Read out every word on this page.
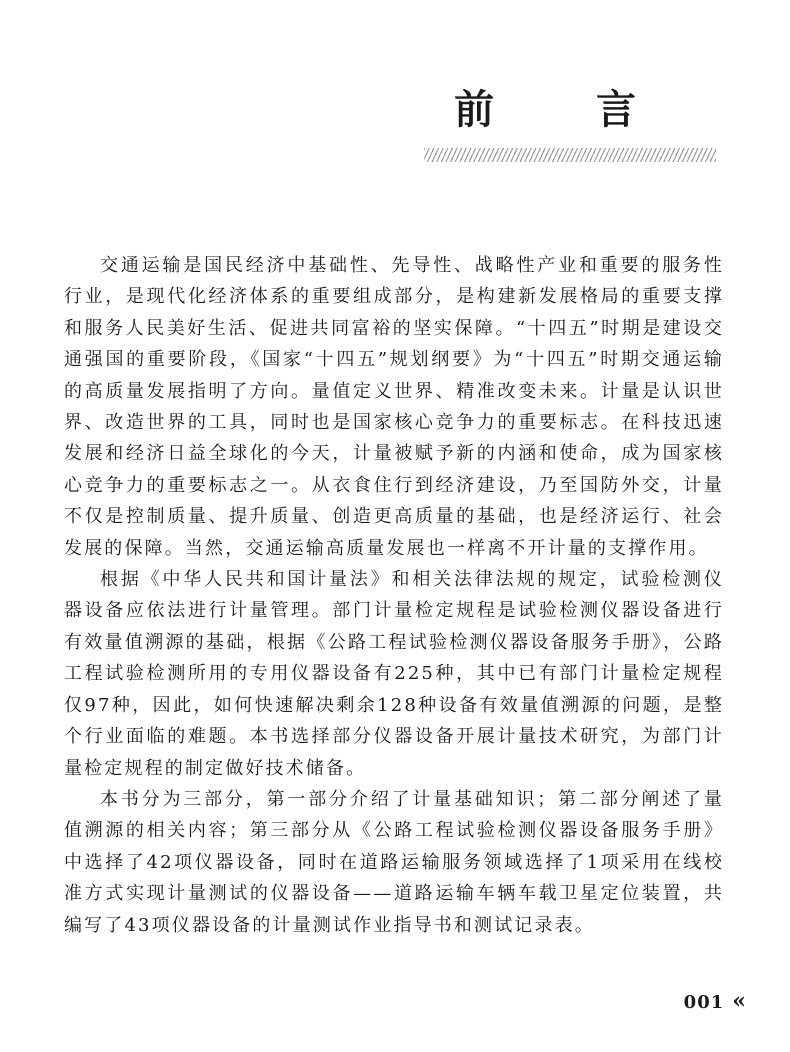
前 言

交通运输是国民经济中基础性、先导性、战略性产业和重要的服务性行业，是现代化经济体系的重要组成部分，是构建新发展格局的重要支撑和服务人民美好生活、促进共同富裕的坚实保障。“十四五”时期是建设交通强国的重要阶段，《国家“十四五”规划纲要》为“十四五”时期交通运输的高质量发展指明了方向。量值定义世界、精准改变未来。计量是认识世界、改造世界的工具，同时也是国家核心竞争力的重要标志。在科技迅速发展和经济日益全球化的今天，计量被赋予新的内涵和使命，成为国家核心竞争力的重要标志之一。从衣食住行到经济建设，乃至国防外交，计量不仅是控制质量、提升质量、创造更高质量的基础，也是经济运行、社会发展的保障。当然，交通运输高质量发展也一样离不开计量的支撑作用。

根据《中华人民共和国计量法》和相关法律法规的规定，试验检测仪器设备应依法进行计量管理。部门计量检定规程是试验检测仪器设备进行有效量值溯源的基础，根据《公路工程试验检测仪器设备服务手册》，公路工程试验检测所用的专用仪器设备有225种，其中已有部门计量检定规程仅97种，因此，如何快速解决剩余128种设备有效量值溯源的问题，是整个行业面临的难题。本书选择部分仪器设备开展计量技术研究，为部门计量检定规程的制定做好技术储备。

本书分为三部分，第一部分介绍了计量基础知识；第二部分阐述了量值溯源的相关内容；第三部分从《公路工程试验检测仪器设备服务手册》中选择了42项仪器设备，同时在道路运输服务领域选择了1项采用在线校准方式实现计量测试的仪器设备——道路运输车辆车载卫星定位装置，共编写了43项仪器设备的计量测试作业指导书和测试记录表。

001 «
